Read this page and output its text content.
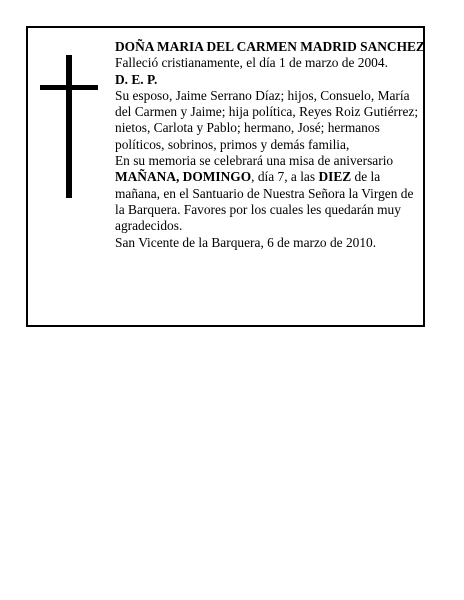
DOÑA MARIA DEL CARMEN MADRID SANCHEZ

Falleció cristianamente, el día 1 de marzo de 2004.

D. E. P.

Su esposo, Jaime Serrano Díaz; hijos, Consuelo, María del Carmen y Jaime; hija política, Reyes Roiz Gutiérrez; nietos, Carlota y Pablo; hermano, José; hermanos políticos, sobrinos, primos y demás familia,

En su memoria se celebrará una misa de aniversario MAÑANA, DOMINGO, día 7, a las DIEZ de la mañana, en el Santuario de Nuestra Señora la Virgen de la Barquera. Favores por los cuales les quedarán muy agradecidos.

San Vicente de la Barquera, 6 de marzo de 2010.
